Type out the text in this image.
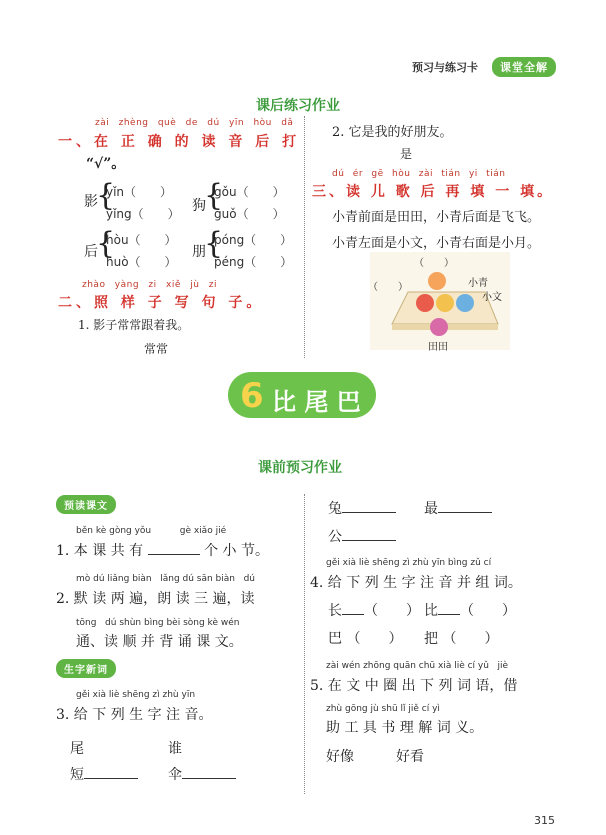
预习与练习卡	课堂全解
课后练习作业
zài zhèng què de dú yīn hòu dǎ
一、在 正 确 的 读 音 后 打
“√”。
影
{
yǐn（　　）
yǐng（　　） 狗
{
gǒu（　　）
guǒ（　　）
后
{
hòu（　　）
huò（　　）
朋
{
póng（　　）
péng（　　）
zhào yàng zi xiě jù zi
二、照 样 子 写 句 子。
1. 影子常常跟着我。
常常
2. 它是我的好朋友。
是
dú ér gē hòu zài tián yi tián
三、读 儿 歌 后 再 填 一 填。
小青前面是田田，小青后面是飞飞。
小青左面是小文，小青右面是小月。
（　　）
（　　）	小青
小文
田田
6 比 尾 巴
课前预习作业
预读课文
běn kè gòng yǒu          gè xiǎo jié
1. 本 课 共 有	个 小 节。
mò dú liǎng biàn   lǎng dú sān biàn   dú
2. 默 读 两 遍，朗 读 三 遍，读
tōng   dú shùn bìng bèi sòng kè wén
通、读 顺 并 背 诵 课 文。
生字新词
gěi xià liè shēng zì zhù yīn
3. 给 下 列 生 字 注 音。
尾	谁
短	伞
兔	最
公
gěi xià liè shēng zì zhù yīn bìng zǔ cí
4. 给 下 列 生 字 注 音 并 组 词。
长 （　　） 比 （　　）
巴 （　　） 把 （　　）
zài wén zhōng quān chū xià liè cí yǔ   jiè
5. 在 文 中 圈 出 下 列 词 语，借
zhù gōng jù shū lǐ jiě cí yì
助 工 具 书 理 解 词 义。
好像	好看
315
